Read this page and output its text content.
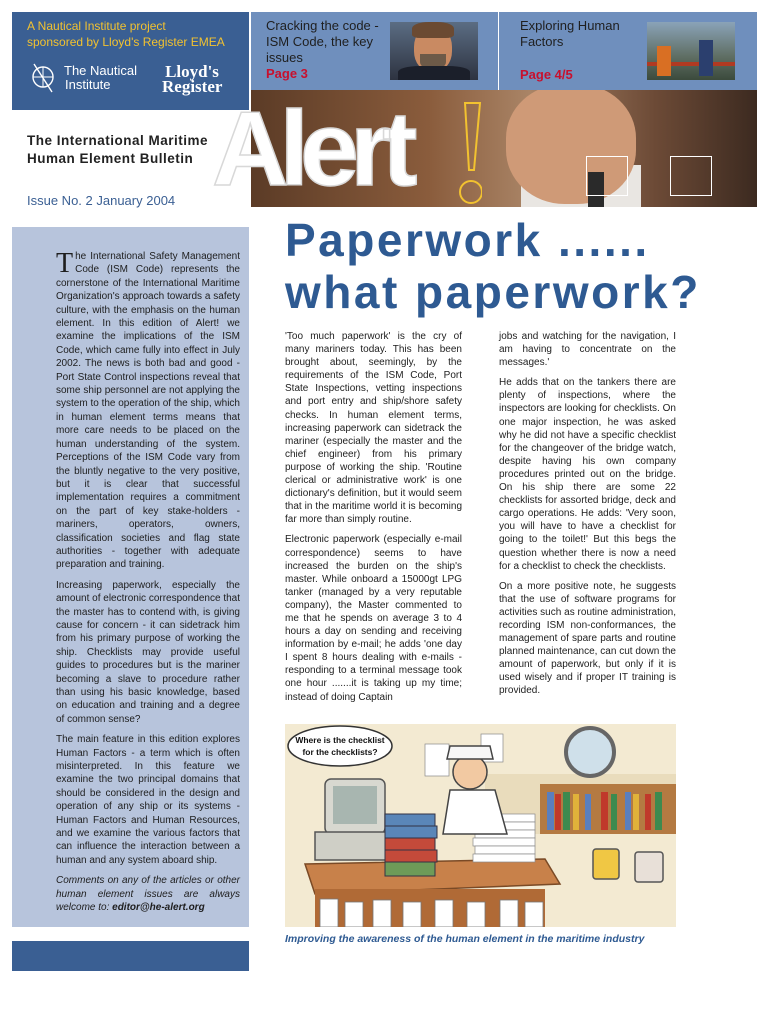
A Nautical Institute project
sponsored by Lloyd's Register EMEA
The Nautical
Institute
Lloyd's
Register
Cracking the code - ISM Code, the key issues
Page 3
Exploring Human Factors
Page 4/5
Alert	!
The International Maritime Human Element Bulletin
Issue No. 2 January 2004

The International Safety Management Code (ISM Code) represents the cornerstone of the International Maritime Organization's approach towards a safety culture, with the emphasis on the human element. In this edition of Alert! we examine the implications of the ISM Code, which came fully into effect in July 2002. The news is both bad and good - Port State Control inspections reveal that some ship personnel are not applying the system to the operation of the ship, which in human element terms means that more care needs to be placed on the human understanding of the system. Perceptions of the ISM Code vary from the bluntly negative to the very positive, but it is clear that successful implementation requires a commitment on the part of key stake-holders - mariners, operators, owners, classification societies and flag state authorities - together with adequate preparation and training.

Increasing paperwork, especially the amount of electronic correspondence that the master has to contend with, is giving cause for concern - it can sidetrack him from his primary purpose of working the ship. Checklists may provide useful guides to procedures but is the mariner becoming a slave to procedure rather than using his basic knowledge, based on education and training and a degree of common sense?

The main feature in this edition explores Human Factors - a term which is often misinterpreted. In this feature we examine the two principal domains that should be considered in the design and operation of any ship or its systems - Human Factors and Human Resources, and we examine the various factors that can influence the interaction between a human and any system aboard ship.

Comments on any of the articles or other human element issues are always welcome to: editor@he-alert.org

Paperwork ......
what paperwork?

'Too much paperwork' is the cry of many mariners today. This has been brought about, seemingly, by the requirements of the ISM Code, Port State Inspections, vetting inspections and port entry and ship/shore safety checks. In human element terms, increasing paperwork can sidetrack the mariner (especially the master and the chief engineer) from his primary purpose of working the ship. 'Routine clerical or administrative work' is one dictionary's definition, but it would seem that in the maritime world it is becoming far more than simply routine.

Electronic paperwork (especially e-mail correspondence) seems to have increased the burden on the ship's master. While onboard a 15000gt LPG tanker (managed by a very reputable company), the Master commented to me that he spends on average 3 to 4 hours a day on sending and receiving information by e-mail; he adds 'one day I spent 8 hours dealing with e-mails - responding to a terminal message took one hour .......it is taking up my time; instead of doing Captain

jobs and watching for the navigation, I am having to concentrate on the messages.'

He adds that on the tankers there are plenty of inspections, where the inspectors are looking for checklists. On one major inspection, he was asked why he did not have a specific checklist for the changeover of the bridge watch, despite having his own company procedures printed out on the bridge. On his ship there are some 22 checklists for assorted bridge, deck and cargo operations. He adds: 'Very soon, you will have to have a checklist for going to the toilet!' But this begs the question whether there is now a need for a checklist to check the checklists.

On a more positive note, he suggests that the use of software programs for activities such as routine administration, recording ISM non-conformances, the management of spare parts and routine planned maintenance, can cut down the amount of paperwork, but only if it is used wisely and if proper IT training is provided.

Where is the checklist
for the checklists?
Improving the awareness of the human element in the maritime industry
